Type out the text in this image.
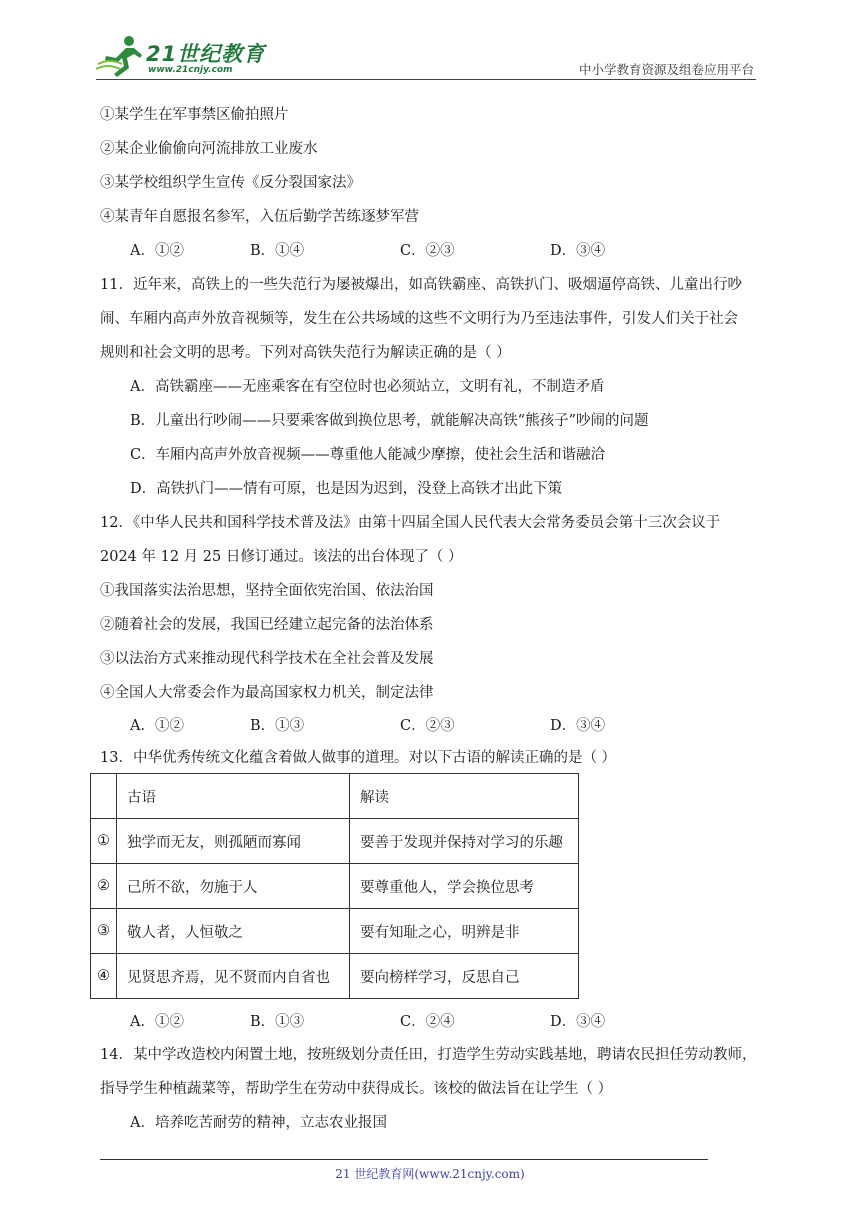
21世纪教育
www.21cnjy.com	中小学教育资源及组卷应用平台
①某学生在军事禁区偷拍照片
②某企业偷偷向河流排放工业废水
③某学校组织学生宣传《反分裂国家法》
④某青年自愿报名参军，入伍后勤学苦练逐梦军营
A．①②	B．①④	C．②③	D．③④
11．近年来，高铁上的一些失范行为屡被爆出，如高铁霸座、高铁扒门、吸烟逼停高铁、儿童出行吵
闹、车厢内高声外放音视频等，发生在公共场域的这些不文明行为乃至违法事件，引发人们关于社会
规则和社会文明的思考。下列对高铁失范行为解读正确的是（ ）
A．高铁霸座——无座乘客在有空位时也必须站立，文明有礼，不制造矛盾
B．儿童出行吵闹——只要乘客做到换位思考，就能解决高铁“熊孩子”吵闹的问题
C．车厢内高声外放音视频——尊重他人能减少摩擦，使社会生活和谐融洽
D．高铁扒门——情有可原，也是因为迟到，没登上高铁才出此下策
12．《中华人民共和国科学技术普及法》由第十四届全国人民代表大会常务委员会第十三次会议于
2024 年 12 月 25 日修订通过。该法的出台体现了（ ）
①我国落实法治思想，坚持全面依宪治国、依法治国
②随着社会的发展，我国已经建立起完备的法治体系
③以法治方式来推动现代科学技术在全社会普及发展
④全国人大常委会作为最高国家权力机关，制定法律
A．①②	B．①③	C．②③	D．③④
13．中华优秀传统文化蕴含着做人做事的道理。对以下古语的解读正确的是（ ）
	古语	解读
①	独学而无友，则孤陋而寡闻	要善于发现并保持对学习的乐趣
②	己所不欲，勿施于人	要尊重他人，学会换位思考
③	敬人者，人恒敬之	要有知耻之心，明辨是非
④	见贤思齐焉，见不贤而内自省也	要向榜样学习，反思自己
A．①②	B．①③	C．②④	D．③④
14．某中学改造校内闲置土地，按班级划分责任田，打造学生劳动实践基地，聘请农民担任劳动教师，
指导学生种植蔬菜等，帮助学生在劳动中获得成长。该校的做法旨在让学生（ ）
A．培养吃苦耐劳的精神，立志农业报国
21 世纪教育网(www.21cnjy.com)
